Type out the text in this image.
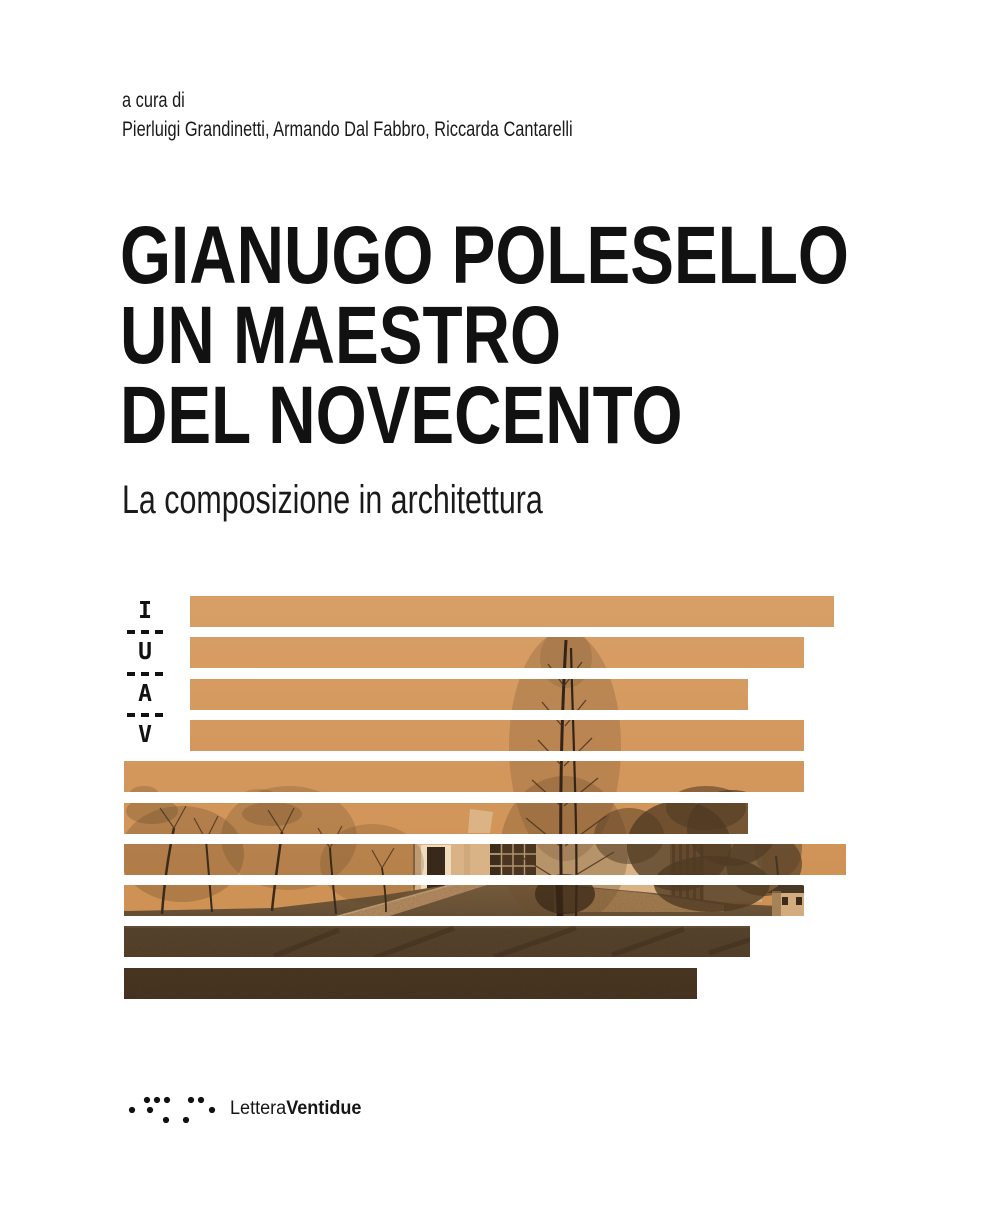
a cura di
Pierluigi Grandinetti, Armando Dal Fabbro, Riccarda Cantarelli
GIANUGO POLESELLO
UN MAESTRO
DEL NOVECENTO
La composizione in architettura
I
U
A
V
LetteraVentidue
